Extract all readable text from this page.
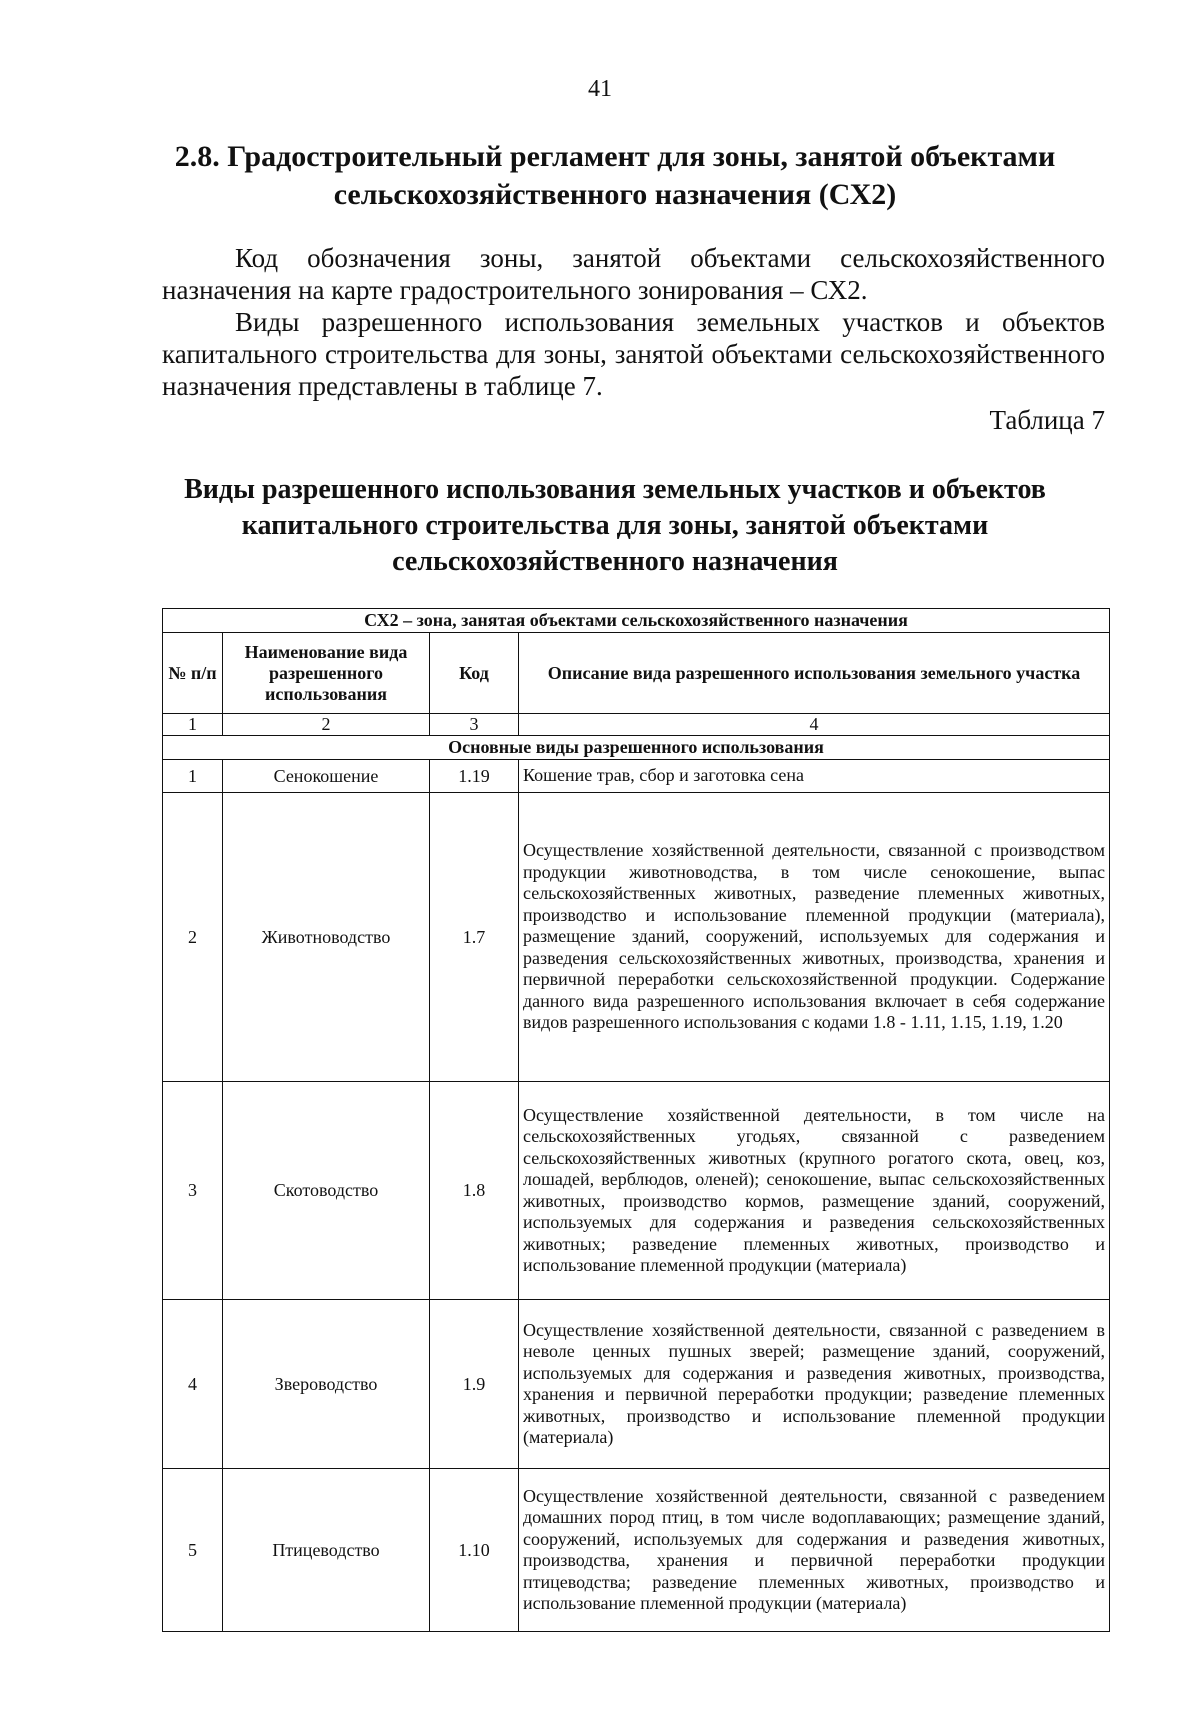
41
2.8. Градостроительный регламент для зоны, занятой объектами сельскохозяйственного назначения (СХ2)

Код обозначения зоны, занятой объектами сельскохозяйственного назначения на карте градостроительного зонирования – СХ2.

Виды разрешенного использования земельных участков и объектов капитального строительства для зоны, занятой объектами сельскохозяйственного назначения представлены в таблице 7.

Таблица 7
Виды разрешенного использования земельных участков и объектов капитального строительства для зоны, занятой объектами сельскохозяйственного назначения
СХ2 – зона, занятая объектами сельскохозяйственного назначения			
№ п/п	Наименование вида разрешенного использования	Код	Описание вида разрешенного использования земельного участка
1	2	3	4
Основные виды разрешенного использования			
1	Сенокошение	1.19	Кошение трав, сбор и заготовка сена
2	Животноводство	1.7	Осуществление хозяйственной деятельности, связанной с производством продукции животноводства, в том числе сенокошение, выпас сельскохозяйственных животных, разведение племенных животных, производство и использование племенной продукции (материала), размещение зданий, сооружений, используемых для содержания и разведения сельскохозяйственных животных, производства, хранения и первичной переработки сельскохозяйственной продукции. Содержание данного вида разрешенного использования включает в себя содержание видов разрешенного использования с кодами 1.8 - 1.11, 1.15, 1.19, 1.20
3	Скотоводство	1.8	Осуществление хозяйственной деятельности, в том числе на сельскохозяйственных угодьях, связанной с разведением сельскохозяйственных животных (крупного рогатого скота, овец, коз, лошадей, верблюдов, оленей); сенокошение, выпас сельскохозяйственных животных, производство кормов, размещение зданий, сооружений, используемых для содержания и разведения сельскохозяйственных животных; разведение племенных животных, производство и использование племенной продукции (материала)
4	Звероводство	1.9	Осуществление хозяйственной деятельности, связанной с разведением в неволе ценных пушных зверей; размещение зданий, сооружений, используемых для содержания и разведения животных, производства, хранения и первичной переработки продукции; разведение племенных животных, производство и использование племенной продукции (материала)
5	Птицеводство	1.10	Осуществление хозяйственной деятельности, связанной с разведением домашних пород птиц, в том числе водоплавающих; размещение зданий, сооружений, используемых для содержания и разведения животных, производства, хранения и первичной переработки продукции птицеводства; разведение племенных животных, производство и использование племенной продукции (материала)
